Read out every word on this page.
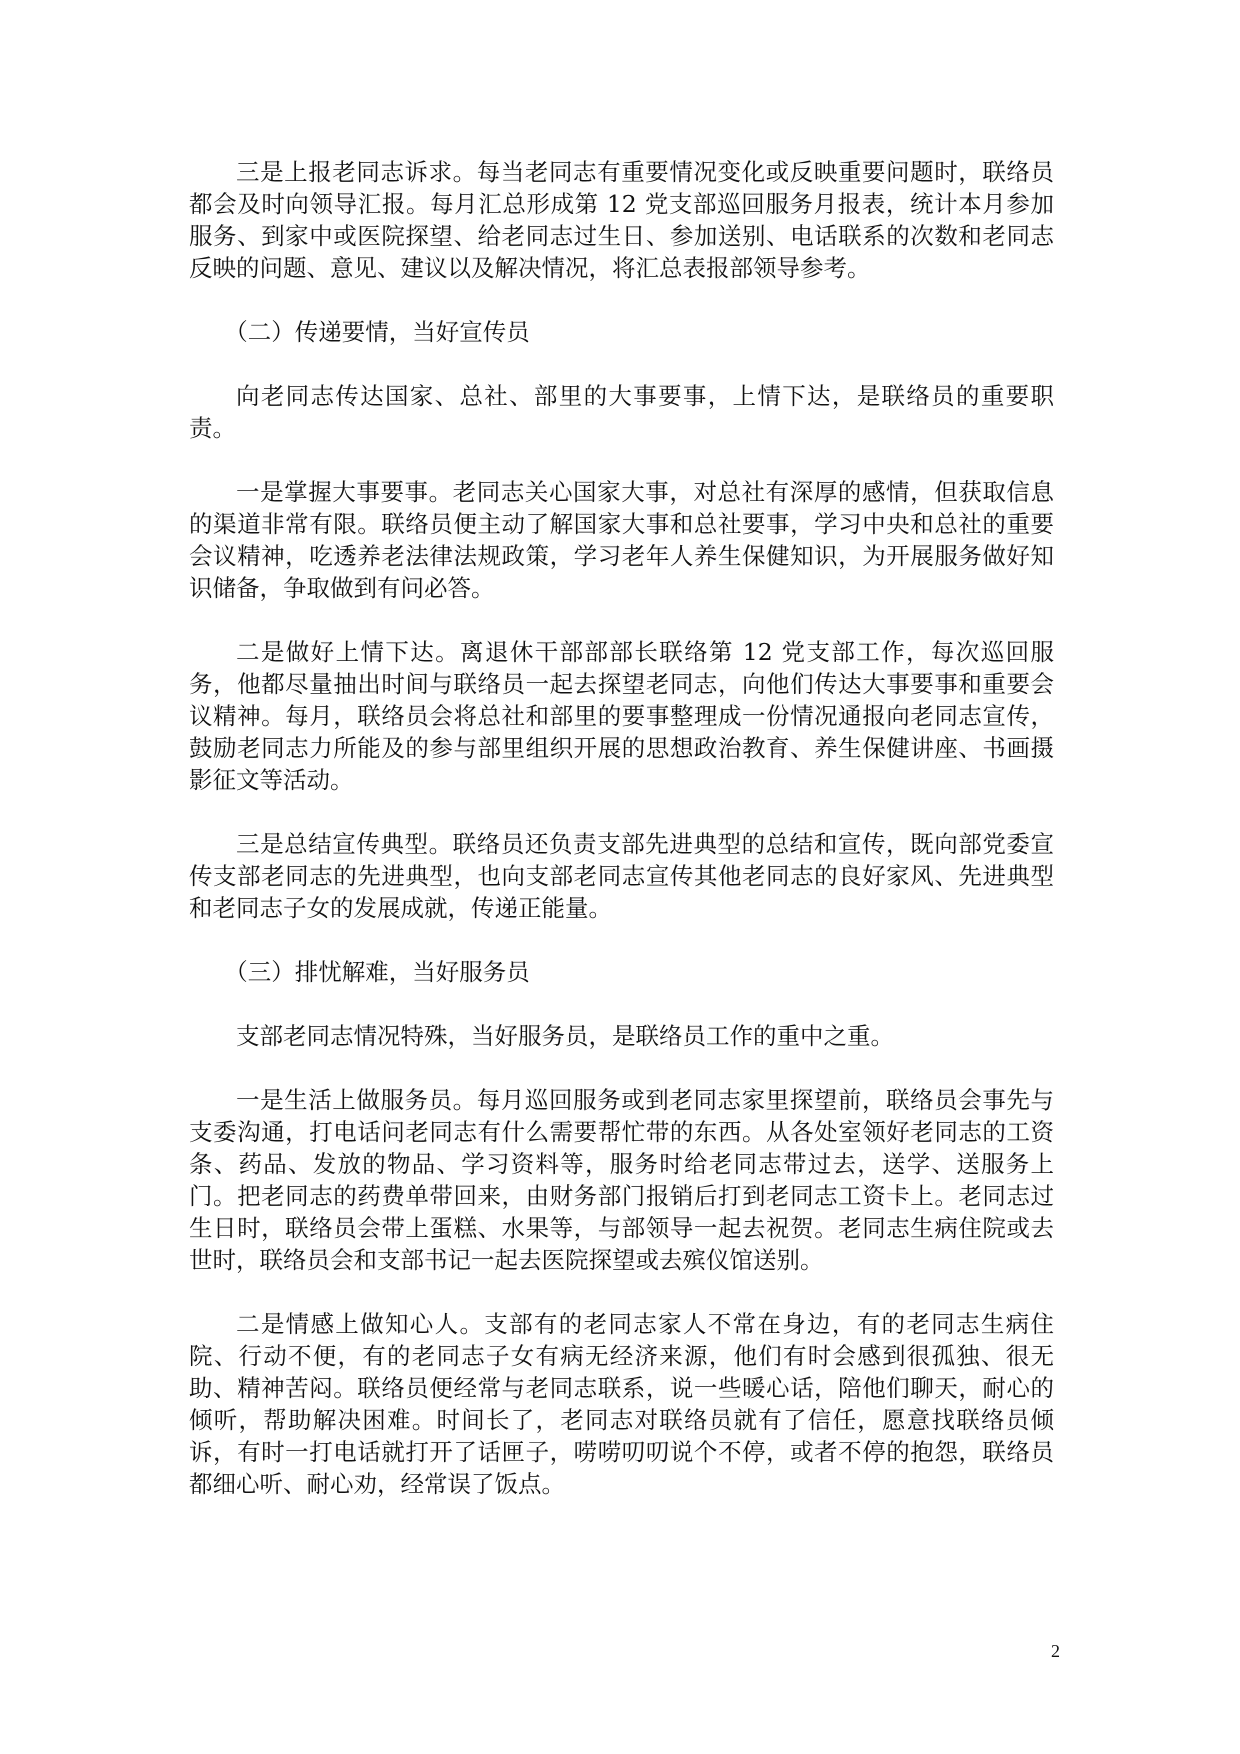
三是上报老同志诉求。每当老同志有重要情况变化或反映重要问题时，联络员都会及时向领导汇报。每月汇总形成第 12 党支部巡回服务月报表，统计本月参加服务、到家中或医院探望、给老同志过生日、参加送别、电话联系的次数和老同志反映的问题、意见、建议以及解决情况，将汇总表报部领导参考。

（二）传递要情，当好宣传员

向老同志传达国家、总社、部里的大事要事，上情下达，是联络员的重要职责。

一是掌握大事要事。老同志关心国家大事，对总社有深厚的感情，但获取信息的渠道非常有限。联络员便主动了解国家大事和总社要事，学习中央和总社的重要会议精神，吃透养老法律法规政策，学习老年人养生保健知识，为开展服务做好知识储备，争取做到有问必答。

二是做好上情下达。离退休干部部部长联络第 12 党支部工作，每次巡回服务，他都尽量抽出时间与联络员一起去探望老同志，向他们传达大事要事和重要会议精神。每月，联络员会将总社和部里的要事整理成一份情况通报向老同志宣传，鼓励老同志力所能及的参与部里组织开展的思想政治教育、养生保健讲座、书画摄影征文等活动。

三是总结宣传典型。联络员还负责支部先进典型的总结和宣传，既向部党委宣传支部老同志的先进典型，也向支部老同志宣传其他老同志的良好家风、先进典型和老同志子女的发展成就，传递正能量。

（三）排忧解难，当好服务员

支部老同志情况特殊，当好服务员，是联络员工作的重中之重。

一是生活上做服务员。每月巡回服务或到老同志家里探望前，联络员会事先与支委沟通，打电话问老同志有什么需要帮忙带的东西。从各处室领好老同志的工资条、药品、发放的物品、学习资料等，服务时给老同志带过去，送学、送服务上门。把老同志的药费单带回来，由财务部门报销后打到老同志工资卡上。老同志过生日时，联络员会带上蛋糕、水果等，与部领导一起去祝贺。老同志生病住院或去世时，联络员会和支部书记一起去医院探望或去殡仪馆送别。

二是情感上做知心人。支部有的老同志家人不常在身边，有的老同志生病住院、行动不便，有的老同志子女有病无经济来源，他们有时会感到很孤独、很无助、精神苦闷。联络员便经常与老同志联系，说一些暖心话，陪他们聊天，耐心的倾听，帮助解决困难。时间长了，老同志对联络员就有了信任，愿意找联络员倾诉，有时一打电话就打开了话匣子，唠唠叨叨说个不停，或者不停的抱怨，联络员都细心听、耐心劝，经常误了饭点。

2
